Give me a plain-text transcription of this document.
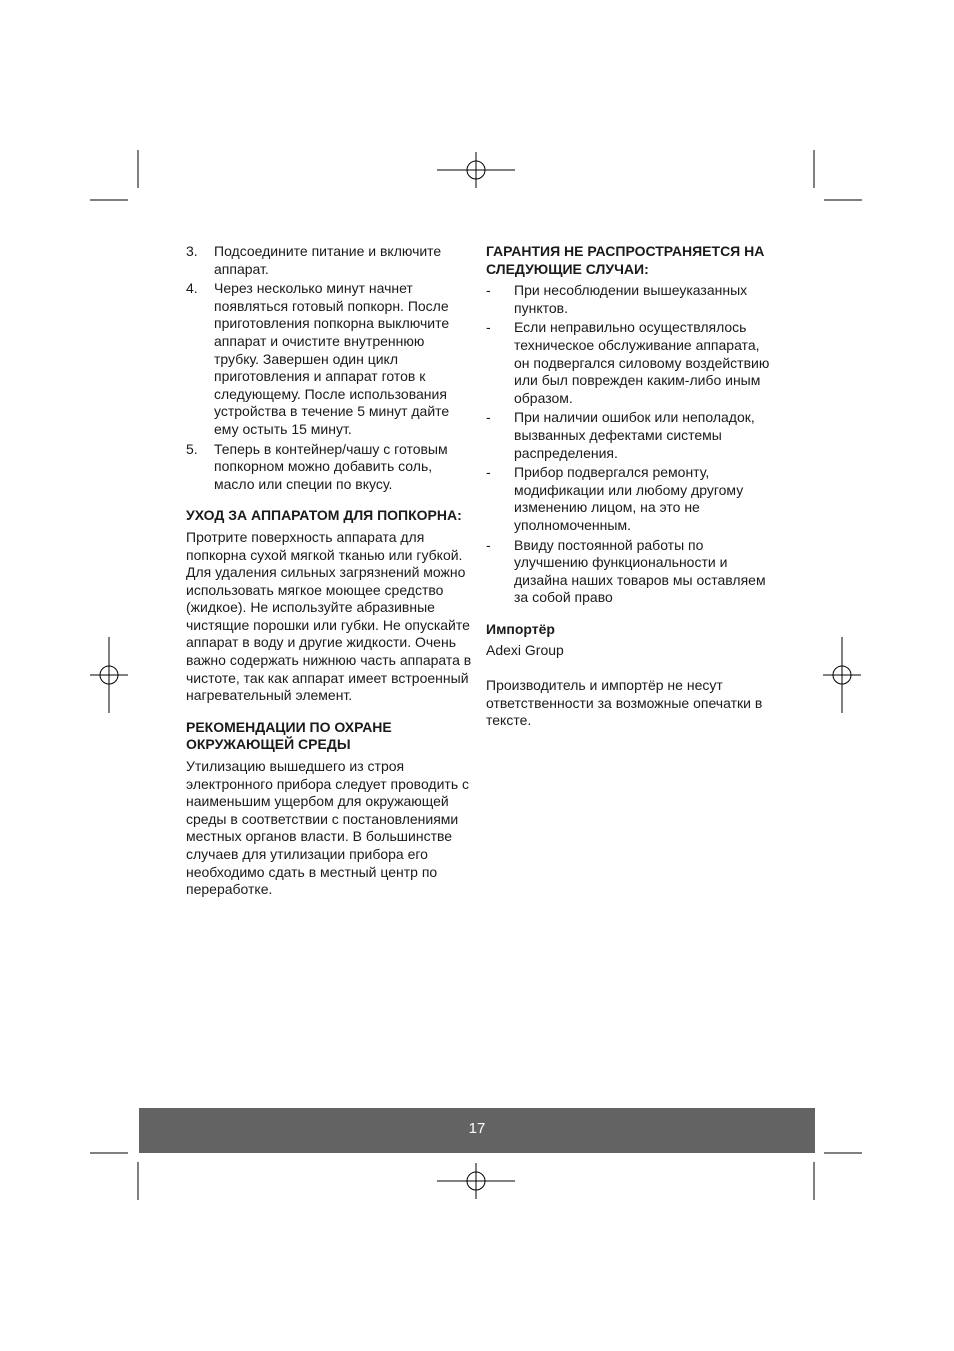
3. Подсоедините питание и включите аппарат.
4. Через несколько минут начнет появляться готовый попкорн. После приготовления попкорна выключите аппарат и очистите внутреннюю трубку. Завершен один цикл приготовления и аппарат готов к следующему. После использования устройства в течение 5 минут дайте ему остыть 15 минут.
5. Теперь в контейнер/чашу с готовым попкорном можно добавить соль, масло или специи по вкусу.

УХОД ЗА АППАРАТОМ ДЛЯ ПОПКОРНА:

Протрите поверхность аппарата для попкорна сухой мягкой тканью или губкой. Для удаления сильных загрязнений можно использовать мягкое моющее средство (жидкое). Не используйте абразивные чистящие порошки или губки. Не опускайте аппарат в воду и другие жидкости. Очень важно содержать нижнюю часть аппарата в чистоте, так как аппарат имеет встроенный нагревательный элемент.

РЕКОМЕНДАЦИИ ПО ОХРАНЕ ОКРУЖАЮЩЕЙ СРЕДЫ

Утилизацию вышедшего из строя электронного прибора следует проводить с наименьшим ущербом для окружающей среды в соответствии с постановлениями местных органов власти. В большинстве случаев для утилизации прибора его необходимо сдать в местный центр по переработке.

ГАРАНТИЯ НЕ РАСПРОСТРАНЯЕТСЯ НА СЛЕДУЮЩИЕ СЛУЧАИ:

- При несоблюдении вышеуказанных пунктов.
- Если неправильно осуществлялось техническое обслуживание аппарата, он подвергался силовому воздействию или был поврежден каким-либо иным образом.
- При наличии ошибок или неполадок, вызванных дефектами системы распределения.
- Прибор подвергался ремонту, модификации или любому другому изменению лицом, на это не уполномоченным.
- Ввиду постоянной работы по улучшению функциональности и дизайна наших товаров мы оставляем за собой право

Импортёр

Adexi Group

Производитель и импортёр не несут ответственности за возможные опечатки в тексте.

17
